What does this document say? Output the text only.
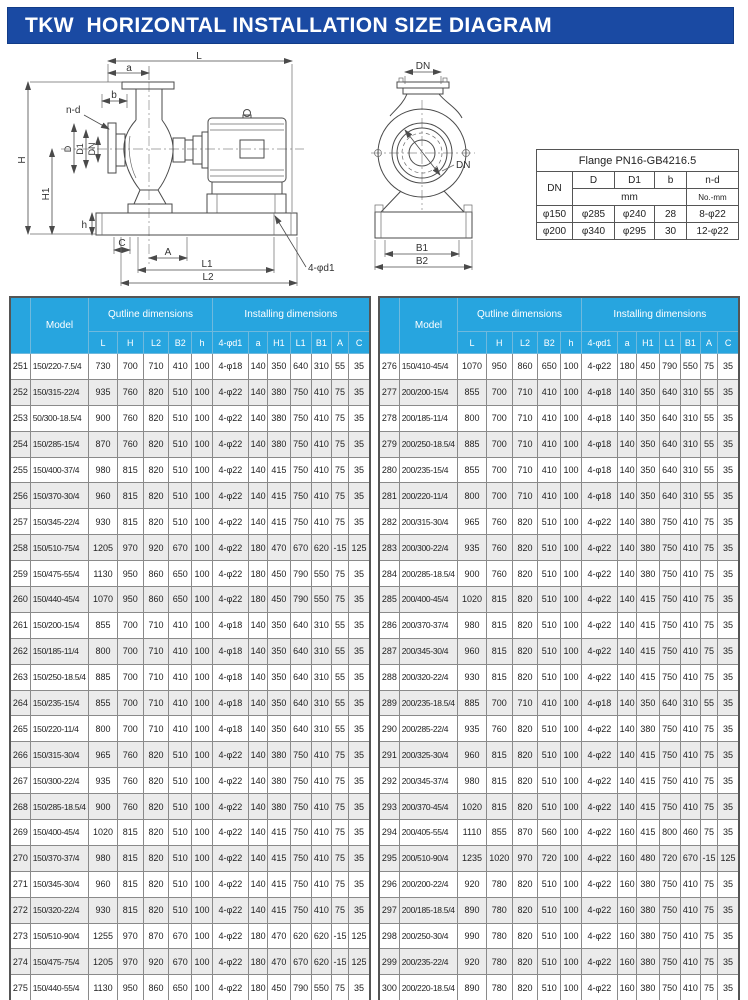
TKW  HORIZONTAL INSTALLATION SIZE DIAGRAM
L
a
b
n-d
H
H1
D D1 DN
h
C
A
L1
L2
4-φd1
DN
DN
B1
B2
Flange PN16-GB4216.5				
DN	D	D1	b	n-d
	mm			No.-mm
φ150	φ285	φ240	28	8-φ22
φ200	φ340	φ295	30	12-φ22
	Model	Qutline dimensions					Installing dimensions						
		L	H	L2	B2	h	4-φd1	a	H1	L1	B1	A	C
251	150/220-7.5/4	730	700	710	410	100	4-φ18	140	350	640	310	55	35
252	150/315-22/4	935	760	820	510	100	4-φ22	140	380	750	410	75	35
253	50/300-18.5/4	900	760	820	510	100	4-φ22	140	380	750	410	75	35
254	150/285-15/4	870	760	820	510	100	4-φ22	140	380	750	410	75	35
255	150/400-37/4	980	815	820	510	100	4-φ22	140	415	750	410	75	35
256	150/370-30/4	960	815	820	510	100	4-φ22	140	415	750	410	75	35
257	150/345-22/4	930	815	820	510	100	4-φ22	140	415	750	410	75	35
258	150/510-75/4	1205	970	920	670	100	4-φ22	180	470	670	620	-15	125
259	150/475-55/4	1130	950	860	650	100	4-φ22	180	450	790	550	75	35
260	150/440-45/4	1070	950	860	650	100	4-φ22	180	450	790	550	75	35
261	150/200-15/4	855	700	710	410	100	4-φ18	140	350	640	310	55	35
262	150/185-11/4	800	700	710	410	100	4-φ18	140	350	640	310	55	35
263	150/250-18.5/4	885	700	710	410	100	4-φ18	140	350	640	310	55	35
264	150/235-15/4	855	700	710	410	100	4-φ18	140	350	640	310	55	35
265	150/220-11/4	800	700	710	410	100	4-φ18	140	350	640	310	55	35
266	150/315-30/4	965	760	820	510	100	4-φ22	140	380	750	410	75	35
267	150/300-22/4	935	760	820	510	100	4-φ22	140	380	750	410	75	35
268	150/285-18.5/4	900	760	820	510	100	4-φ22	140	380	750	410	75	35
269	150/400-45/4	1020	815	820	510	100	4-φ22	140	415	750	410	75	35
270	150/370-37/4	980	815	820	510	100	4-φ22	140	415	750	410	75	35
271	150/345-30/4	960	815	820	510	100	4-φ22	140	415	750	410	75	35
272	150/320-22/4	930	815	820	510	100	4-φ22	140	415	750	410	75	35
273	150/510-90/4	1255	970	870	670	100	4-φ22	180	470	620	620	-15	125
274	150/475-75/4	1205	970	920	670	100	4-φ22	180	470	670	620	-15	125
275	150/440-55/4	1130	950	860	650	100	4-φ22	180	450	790	550	75	35
	Model	Qutline dimensions					Installing dimensions						
		L	H	L2	B2	h	4-φd1	a	H1	L1	B1	A	C
276	150/410-45/4	1070	950	860	650	100	4-φ22	180	450	790	550	75	35
277	200/200-15/4	855	700	710	410	100	4-φ18	140	350	640	310	55	35
278	200/185-11/4	800	700	710	410	100	4-φ18	140	350	640	310	55	35
279	200/250-18.5/4	885	700	710	410	100	4-φ18	140	350	640	310	55	35
280	200/235-15/4	855	700	710	410	100	4-φ18	140	350	640	310	55	35
281	200/220-11/4	800	700	710	410	100	4-φ18	140	350	640	310	55	35
282	200/315-30/4	965	760	820	510	100	4-φ22	140	380	750	410	75	35
283	200/300-22/4	935	760	820	510	100	4-φ22	140	380	750	410	75	35
284	200/285-18.5/4	900	760	820	510	100	4-φ22	140	380	750	410	75	35
285	200/400-45/4	1020	815	820	510	100	4-φ22	140	415	750	410	75	35
286	200/370-37/4	980	815	820	510	100	4-φ22	140	415	750	410	75	35
287	200/345-30/4	960	815	820	510	100	4-φ22	140	415	750	410	75	35
288	200/320-22/4	930	815	820	510	100	4-φ22	140	415	750	410	75	35
289	200/235-18.5/4	885	700	710	410	100	4-φ18	140	350	640	310	55	35
290	200/285-22/4	935	760	820	510	100	4-φ22	140	380	750	410	75	35
291	200/325-30/4	960	815	820	510	100	4-φ22	140	415	750	410	75	35
292	200/345-37/4	980	815	820	510	100	4-φ22	140	415	750	410	75	35
293	200/370-45/4	1020	815	820	510	100	4-φ22	140	415	750	410	75	35
294	200/405-55/4	1110	855	870	560	100	4-φ22	160	415	800	460	75	35
295	200/510-90/4	1235	1020	970	720	100	4-φ22	160	480	720	670	-15	125
296	200/200-22/4	920	780	820	510	100	4-φ22	160	380	750	410	75	35
297	200/185-18.5/4	890	780	820	510	100	4-φ22	160	380	750	410	75	35
298	200/250-30/4	990	780	820	510	100	4-φ22	160	380	750	410	75	35
299	200/235-22/4	920	780	820	510	100	4-φ22	160	380	750	410	75	35
300	200/220-18.5/4	890	780	820	510	100	4-φ22	160	380	750	410	75	35
